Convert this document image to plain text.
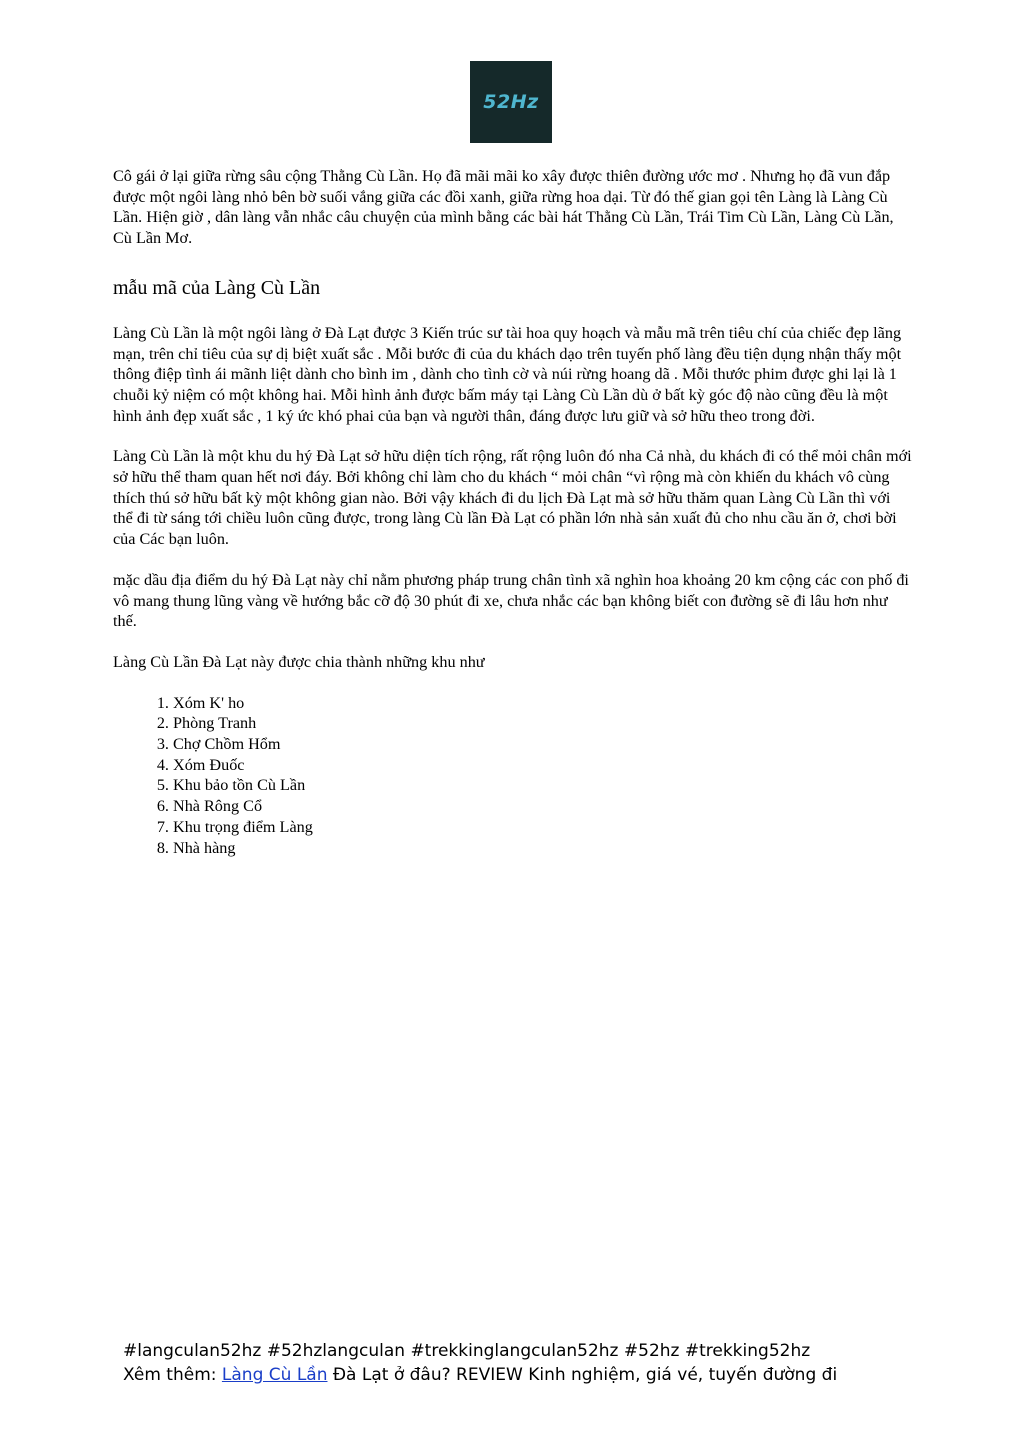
52Hz

Cô gái ở lại giữa rừng sâu cộng Thằng Cù Lần. Họ đã mãi mãi ko xây được thiên đường ước mơ . Nhưng họ đã vun đắp được một ngôi làng nhỏ bên bờ suối vắng giữa các đồi xanh, giữa rừng hoa dại. Từ đó thế gian gọi tên Làng là Làng Cù Lần. Hiện giờ , dân làng vẫn nhắc câu chuyện của mình bằng các bài hát Thằng Cù Lần, Trái Tim Cù Lần, Làng Cù Lần, Cù Lần Mơ.

mẫu mã của Làng Cù Lần

Làng Cù Lần là một ngôi làng ở Đà Lạt được 3 Kiến trúc sư tài hoa quy hoạch và mẫu mã trên tiêu chí của chiếc đẹp lãng mạn, trên chỉ tiêu của sự dị biệt xuất sắc . Mỗi bước đi của du khách dạo trên tuyến phố làng đều tiện dụng nhận thấy một thông điệp tình ái mãnh liệt dành cho bình im , dành cho tình cờ và núi rừng hoang dã . Mỗi thước phim được ghi lại là 1 chuỗi kỷ niệm có một không hai. Mỗi hình ảnh được bấm máy tại Làng Cù Lần dù ở bất kỳ góc độ nào cũng đều là một hình ảnh đẹp xuất sắc , 1 ký ức khó phai của bạn và người thân, đáng được lưu giữ và sở hữu theo trong đời.

Làng Cù Lần là một khu du hý Đà Lạt sở hữu diện tích rộng, rất rộng luôn đó nha Cả nhà, du khách đi có thể mỏi chân mới sở hữu thể tham quan hết nơi đáy. Bởi không chỉ làm cho du khách “ mỏi chân “vì rộng mà còn khiến du khách vô cùng thích thú sở hữu bất kỳ một không gian nào. Bởi vậy khách đi du lịch Đà Lạt mà sở hữu thăm quan Làng Cù Lần thì với thể đi từ sáng tới chiều luôn cũng được, trong làng Cù lần Đà Lạt có phần lớn nhà sản xuất đủ cho nhu cầu ăn ở, chơi bời của Các bạn luôn.

mặc dầu địa điểm du hý Đà Lạt này chỉ nằm phương pháp trung chân tình xã nghìn hoa khoảng 20 km cộng các con phố đi vô mang thung lũng vàng về hướng bắc cỡ độ 30 phút đi xe, chưa nhắc các bạn không biết con đường sẽ đi lâu hơn như thế.

Làng Cù Lần Đà Lạt này được chia thành những khu như

1. Xóm K' ho
2. Phòng Tranh
3. Chợ Chồm Hổm
4. Xóm Đuốc
5. Khu bảo tồn Cù Lần
6. Nhà Rông Cổ
7. Khu trọng điểm Làng
8. Nhà hàng
#langculan52hz #52hzlangculan #trekkinglangculan52hz #52hz #trekking52hz
Xêm thêm: Làng Cù Lần Đà Lạt ở đâu? REVIEW Kinh nghiệm, giá vé, tuyến đường đi
